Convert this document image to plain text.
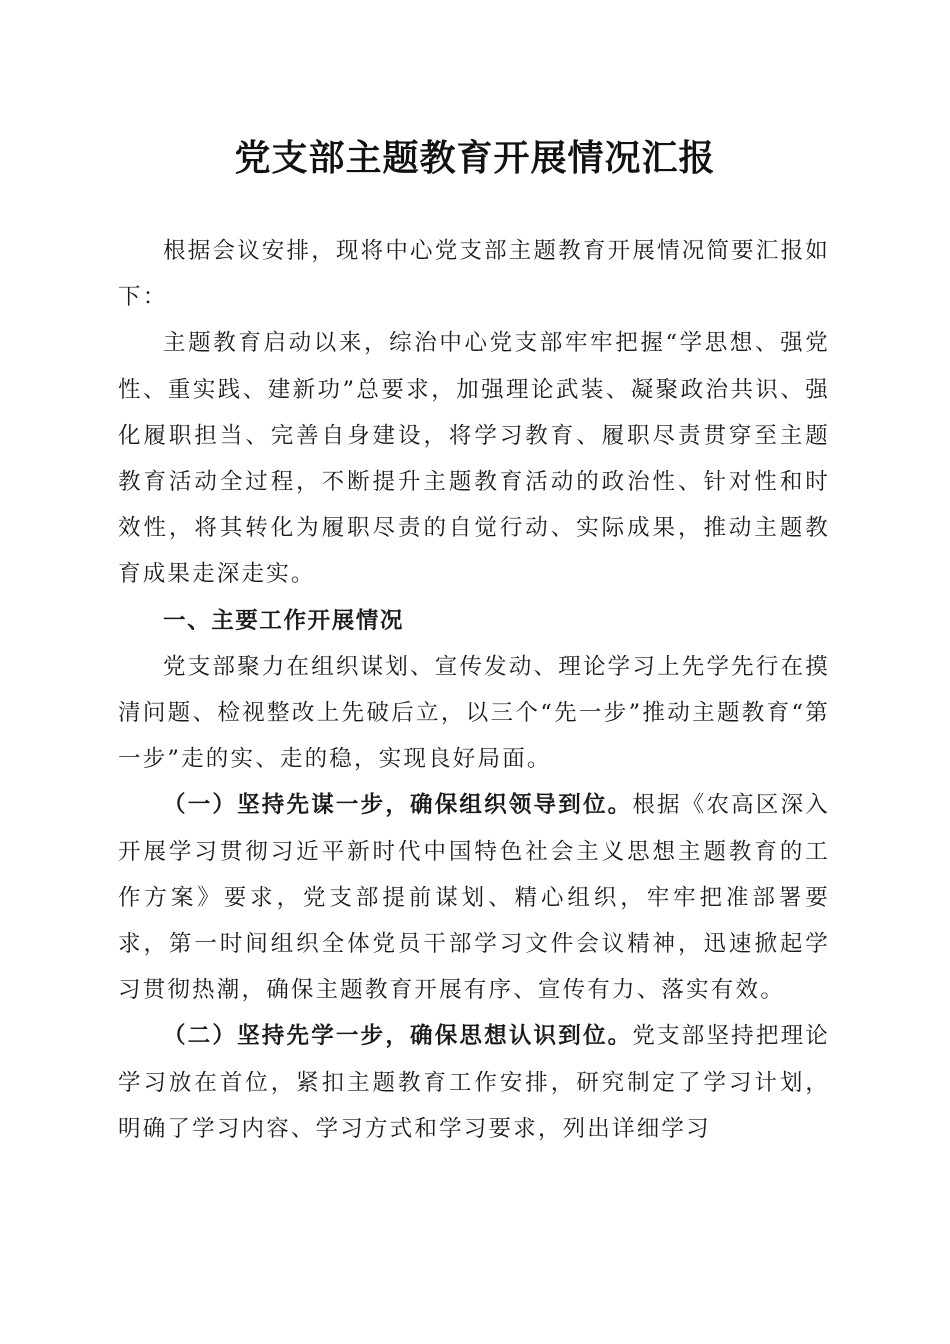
党支部主题教育开展情况汇报

根据会议安排，现将中心党支部主题教育开展情况简要汇报如下：

主题教育启动以来，综治中心党支部牢牢把握“学思想、强党性、重实践、建新功”总要求，加强理论武装、凝聚政治共识、强化履职担当、完善自身建设，将学习教育、履职尽责贯穿至主题教育活动全过程，不断提升主题教育活动的政治性、针对性和时效性，将其转化为履职尽责的自觉行动、实际成果，推动主题教育成果走深走实。

一、主要工作开展情况

党支部聚力在组织谋划、宣传发动、理论学习上先学先行在摸清问题、检视整改上先破后立，以三个“先一步”推动主题教育“第一步”走的实、走的稳，实现良好局面。

（一）坚持先谋一步，确保组织领导到位。根据《农高区深入开展学习贯彻习近平新时代中国特色社会主义思想主题教育的工作方案》要求，党支部提前谋划、精心组织，牢牢把准部署要求，第一时间组织全体党员干部学习文件会议精神，迅速掀起学习贯彻热潮，确保主题教育开展有序、宣传有力、落实有效。

（二）坚持先学一步，确保思想认识到位。党支部坚持把理论学习放在首位，紧扣主题教育工作安排，研究制定了学习计划，明确了学习内容、学习方式和学习要求，列出详细学习
